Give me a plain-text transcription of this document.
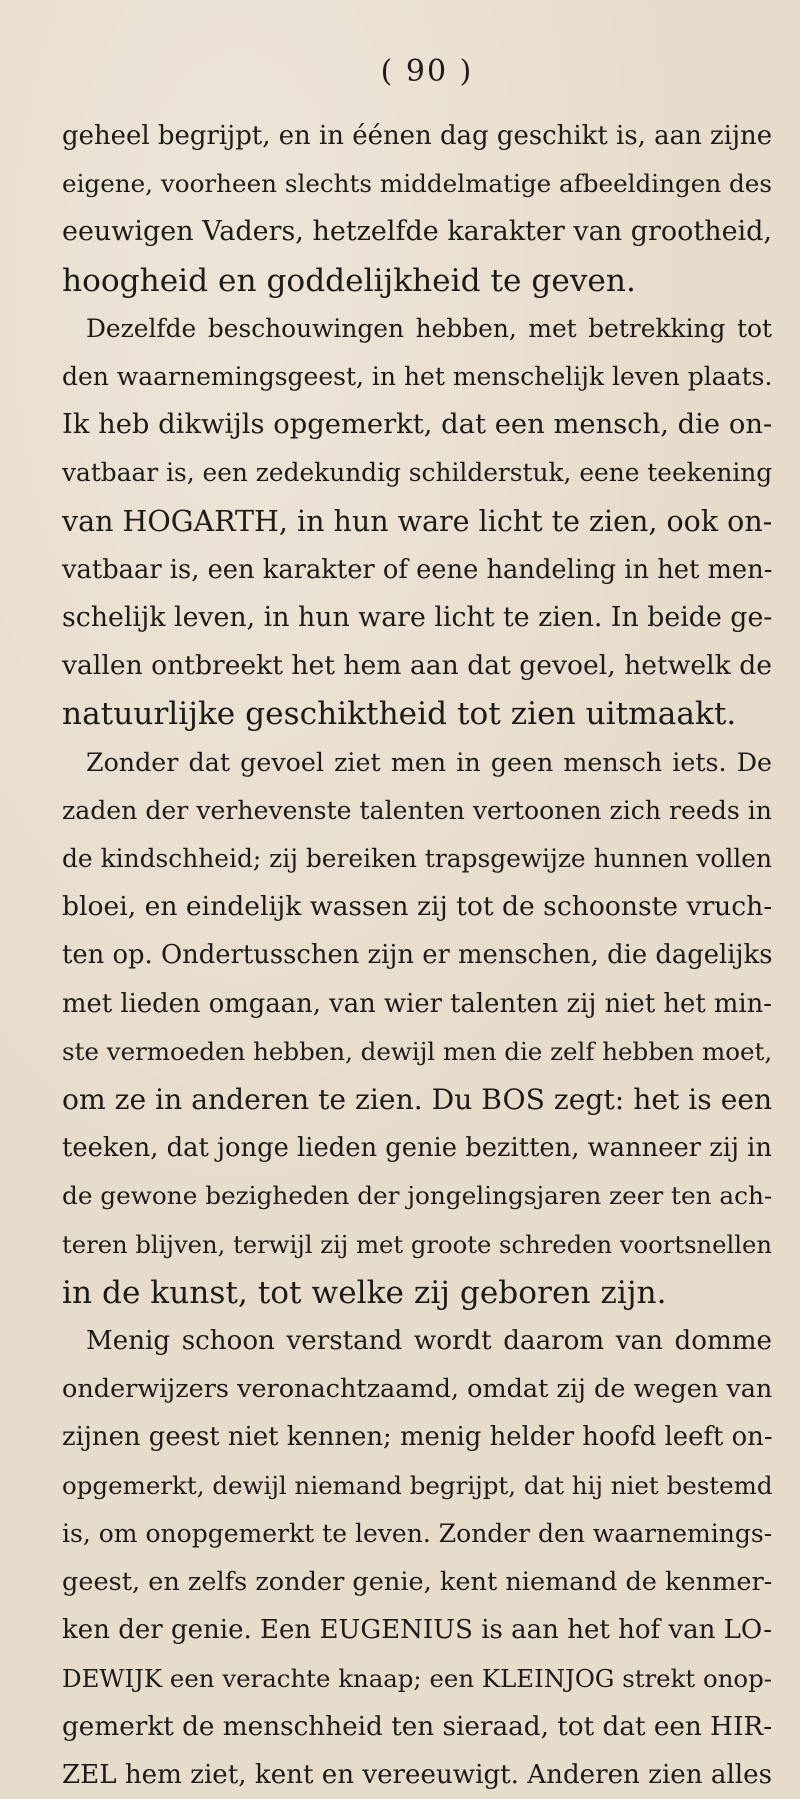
( 90 )
geheel begrijpt, en in éénen dag geschikt is, aan zijne
eigene, voorheen slechts middelmatige afbeeldingen des
eeuwigen Vaders, hetzelfde karakter van grootheid,
hoogheid en goddelijkheid te geven.
Dezelfde beschouwingen hebben, met betrekking tot
den waarnemingsgeest, in het menschelijk leven plaats.
Ik heb dikwijls opgemerkt, dat een mensch, die on-
vatbaar is, een zedekundig schilderstuk, eene teekening
van HOGARTH, in hun ware licht te zien, ook on-
vatbaar is, een karakter of eene handeling in het men-
schelijk leven, in hun ware licht te zien. In beide ge-
vallen ontbreekt het hem aan dat gevoel, hetwelk de
natuurlijke geschiktheid tot zien uitmaakt.
Zonder dat gevoel ziet men in geen mensch iets. De
zaden der verhevenste talenten vertoonen zich reeds in
de kindschheid; zij bereiken trapsgewijze hunnen vollen
bloei, en eindelijk wassen zij tot de schoonste vruch-
ten op. Ondertusschen zijn er menschen, die dagelijks
met lieden omgaan, van wier talenten zij niet het min-
ste vermoeden hebben, dewijl men die zelf hebben moet,
om ze in anderen te zien. Du BOS zegt: het is een
teeken, dat jonge lieden genie bezitten, wanneer zij in
de gewone bezigheden der jongelingsjaren zeer ten ach-
teren blijven, terwijl zij met groote schreden voortsnellen
in de kunst, tot welke zij geboren zijn.
Menig schoon verstand wordt daarom van domme
onderwijzers veronachtzaamd, omdat zij de wegen van
zijnen geest niet kennen; menig helder hoofd leeft on-
opgemerkt, dewijl niemand begrijpt, dat hij niet bestemd
is, om onopgemerkt te leven. Zonder den waarnemings-
geest, en zelfs zonder genie, kent niemand de kenmer-
ken der genie. Een EUGENIUS is aan het hof van LO-
DEWIJK een verachte knaap; een KLEINJOG strekt onop-
gemerkt de menschheid ten sieraad, tot dat een HIR-
ZEL hem ziet, kent en vereeuwigt. Anderen zien alles
